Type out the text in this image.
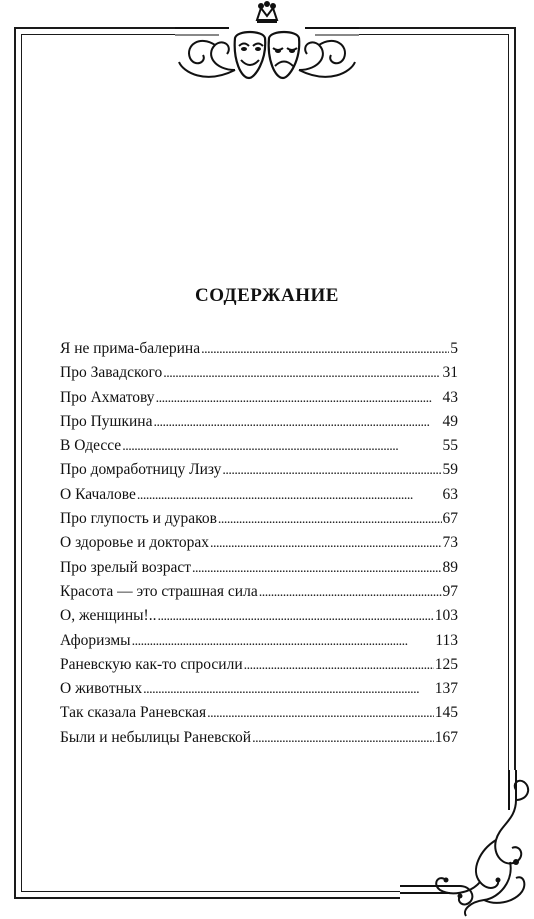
СОДЕРЖАНИЕ
Я не прима-балерина . . .	5
Про Завадского . . .	31
Про Ахматову . . .	43
Про Пушкина . . .	49
В Одессе . . .	55
Про домработницу Лизу . . .	59
О Качалове . . .	63
Про глупость и дураков . . .	67
О здоровье и докторах . . .	73
Про зрелый возраст . . .	89
Красота — это страшная сила . . .	97
О, женщины!.. . . .	103
Афоризмы . . .	113
Раневскую как-то спросили . . .	125
О животных . . .	137
Так сказала Раневская . . .	145
Были и небылицы Раневской . . .	167
